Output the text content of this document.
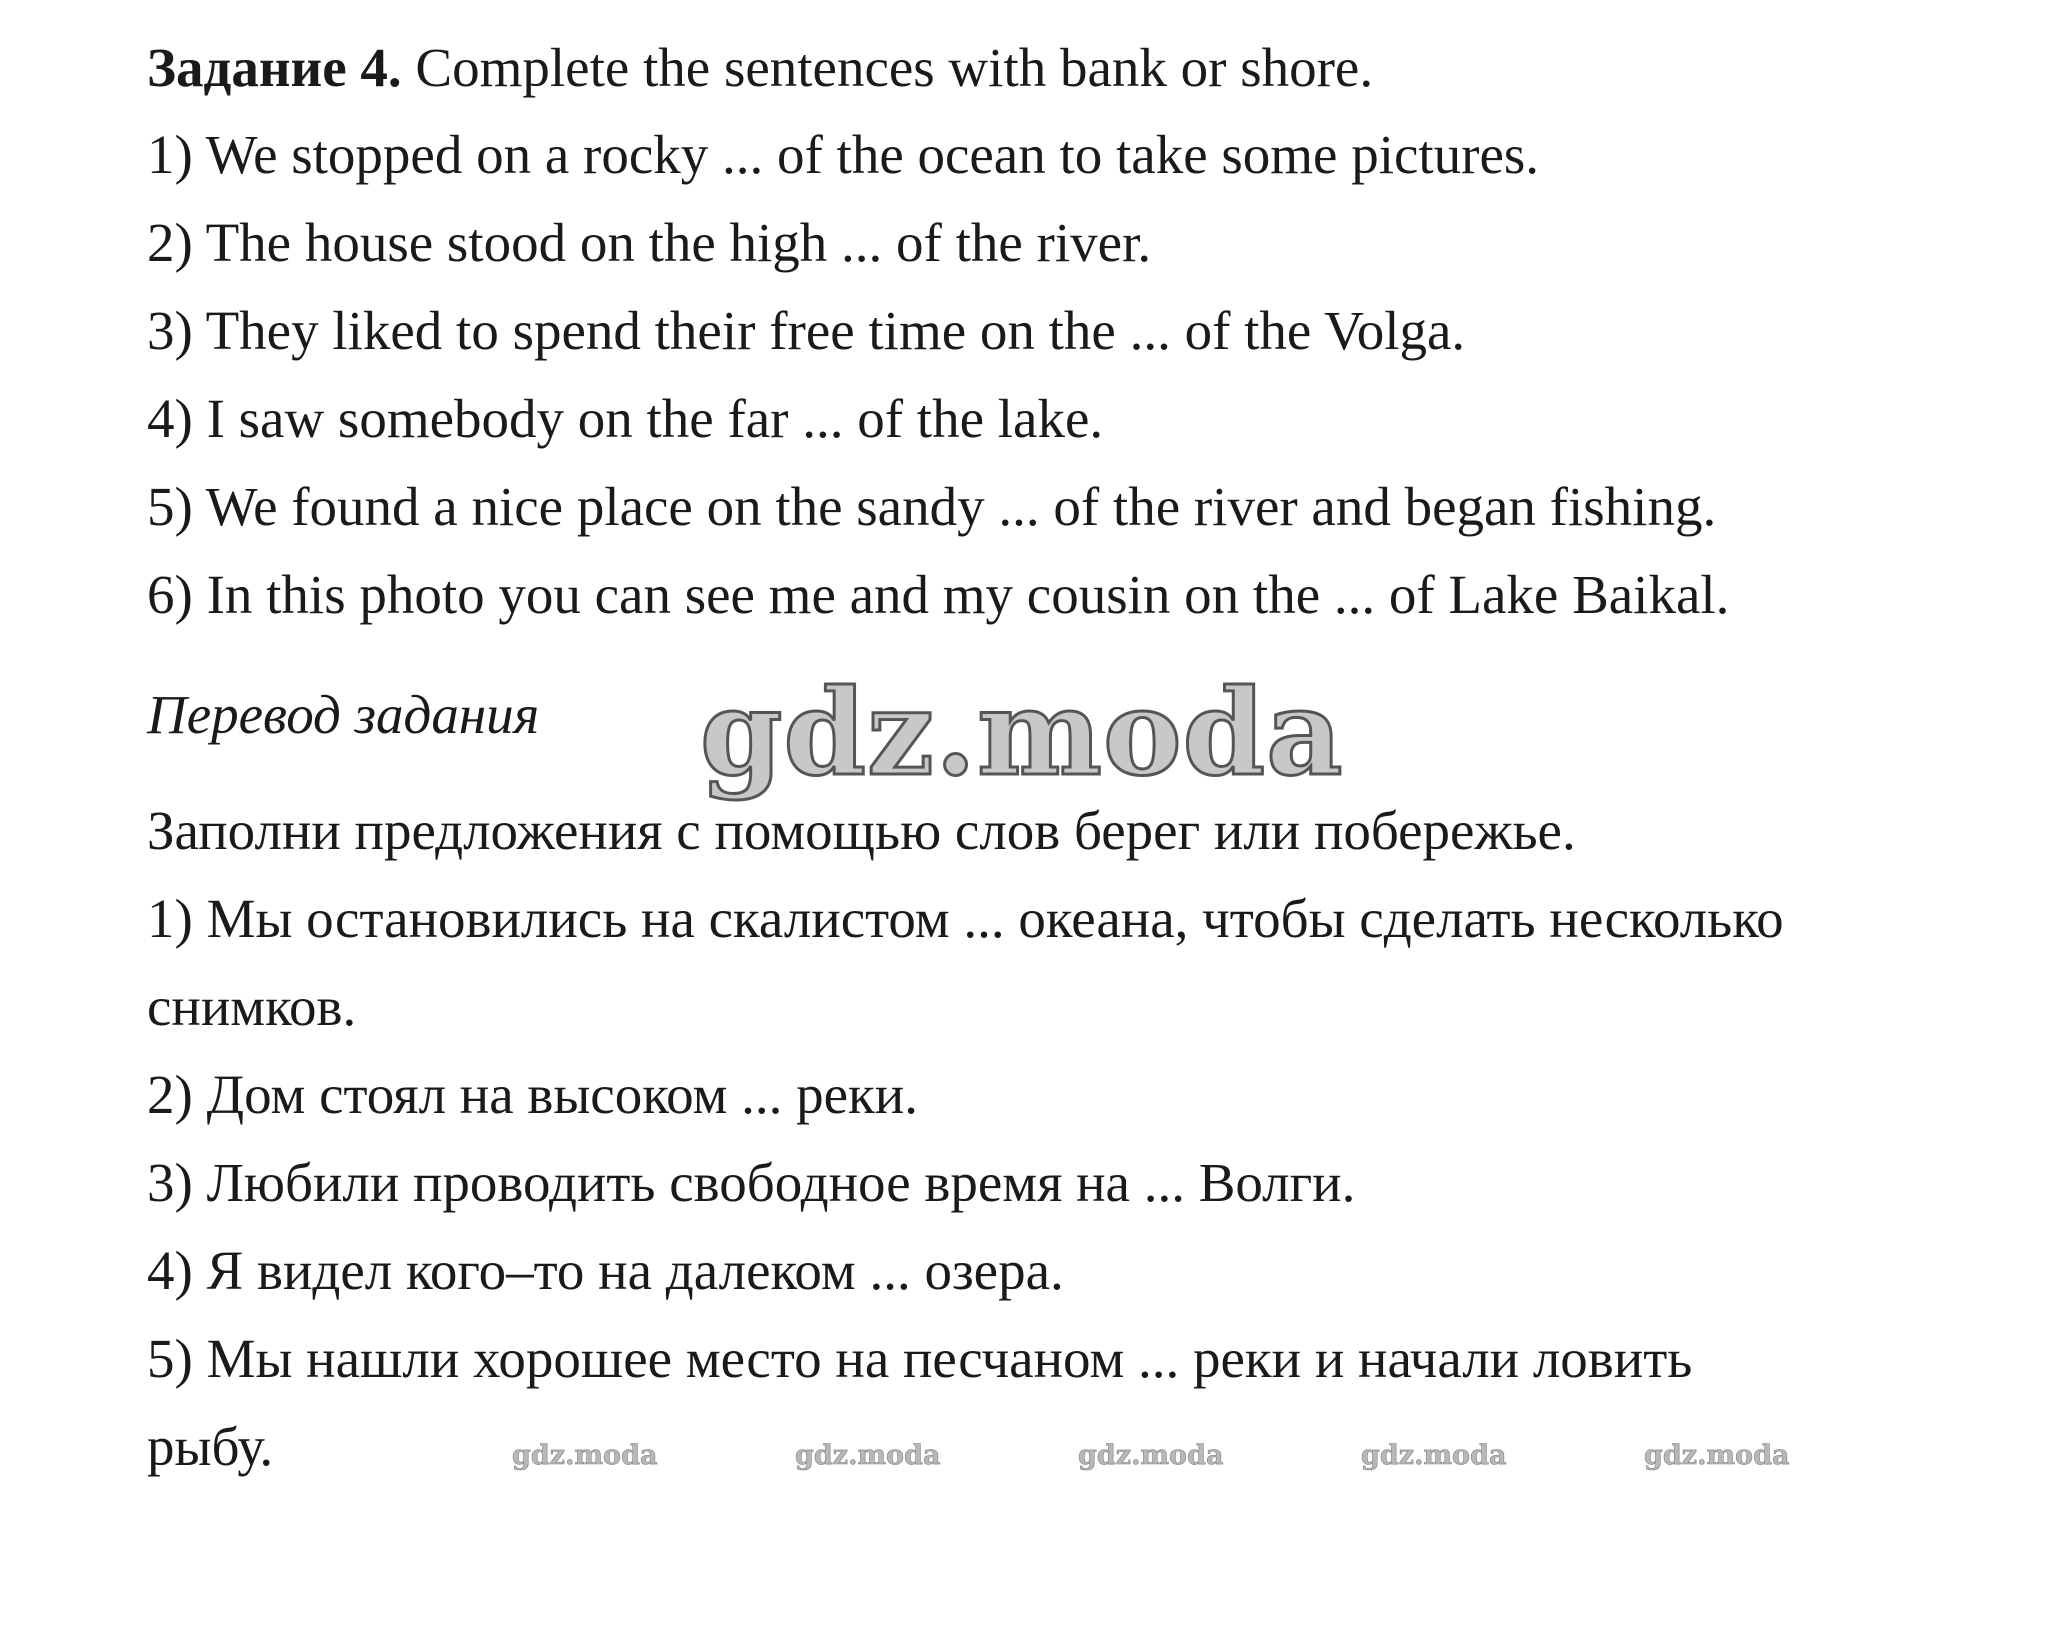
Задание 4. Complete the sentences with bank or shore.
1) We stopped on a rocky ... of the ocean to take some pictures.
2) The house stood on the high ... of the river.
3) They liked to spend their free time on the ... of the Volga.
4) I saw somebody on the far ... of the lake.
5) We found a nice place on the sandy ... of the river and began fishing.
6) In this photo you can see me and my cousin on the ... of Lake Baikal.
Перевод задания gdz.moda
Заполни предложения с помощью слов берег или побережье.
1) Мы остановились на скалистом ... океана, чтобы сделать несколько
снимков.
2) Дом стоял на высоком ... реки.
3) Любили проводить свободное время на ... Волги.
4) Я видел кого–то на далеком ... озера.
5) Мы нашли хорошее место на песчаном ... реки и начали ловить
рыбу.	gdz.moda	gdz.moda	gdz.moda	gdz.moda	gdz.moda
